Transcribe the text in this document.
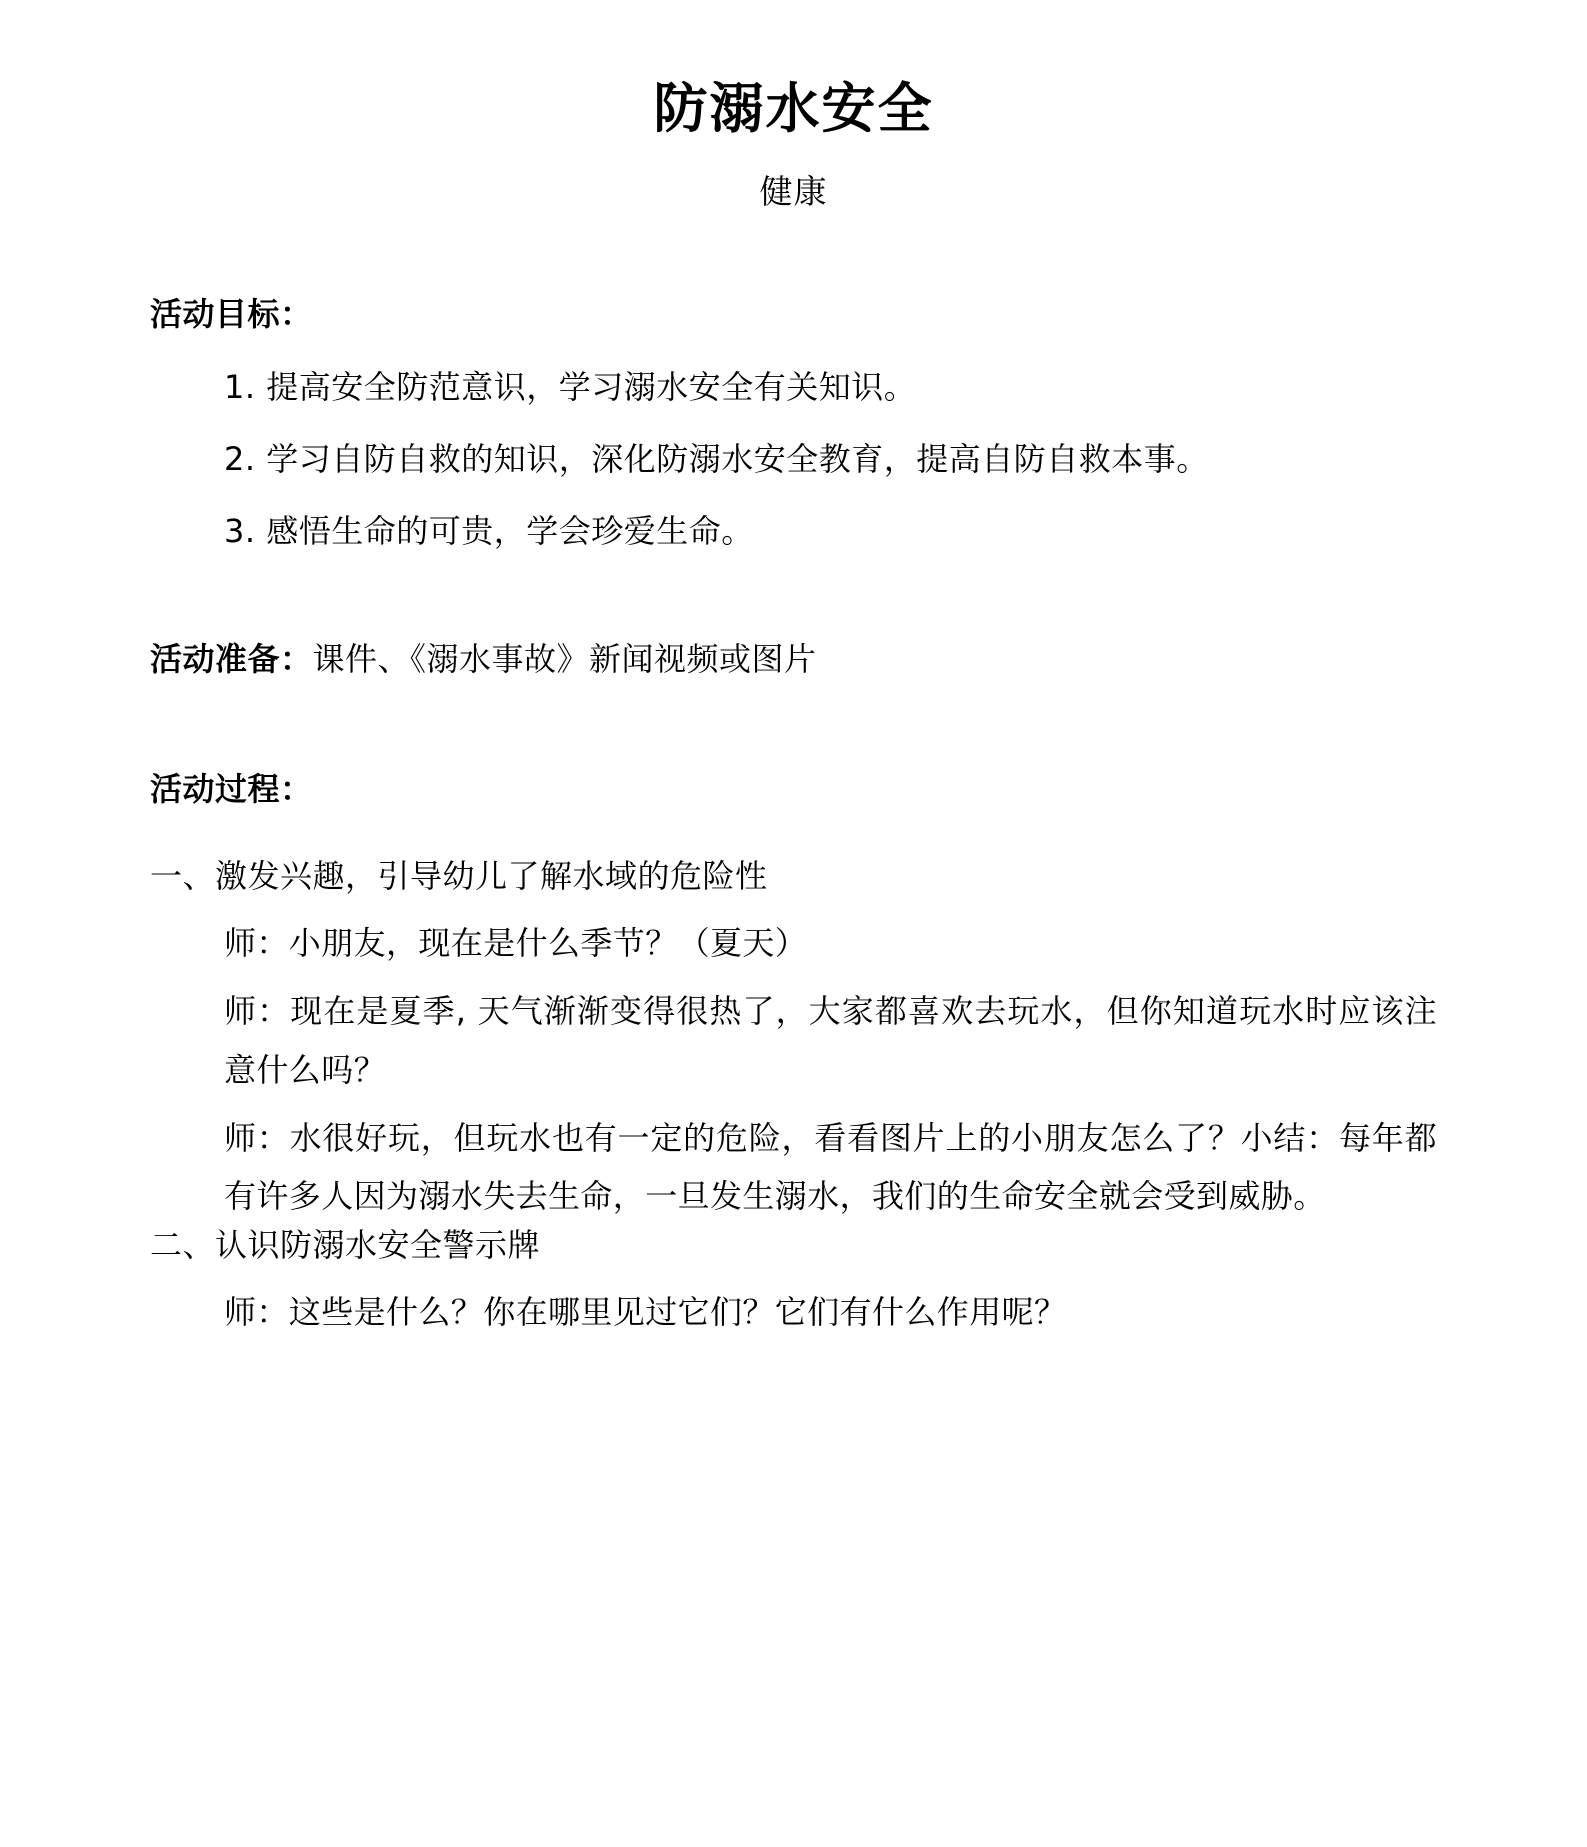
防溺水安全
健康

活动目标：

1. 提高安全防范意识，学习溺水安全有关知识。
2. 学习自防自救的知识，深化防溺水安全教育，提高自防自救本事。
3. 感悟生命的可贵，学会珍爱生命。

活动准备：课件、《溺水事故》新闻视频或图片

活动过程：

一、激发兴趣，引导幼儿了解水域的危险性

师：小朋友，现在是什么季节？（夏天）

师：现在是夏季, 天气渐渐变得很热了，大家都喜欢去玩水，但你知道玩水时应该注意什么吗？

师：水很好玩，但玩水也有一定的危险，看看图片上的小朋友怎么了？小结：每年都有许多人因为溺水失去生命，一旦发生溺水，我们的生命安全就会受到威胁。

二、认识防溺水安全警示牌

师：这些是什么？你在哪里见过它们？它们有什么作用呢？
